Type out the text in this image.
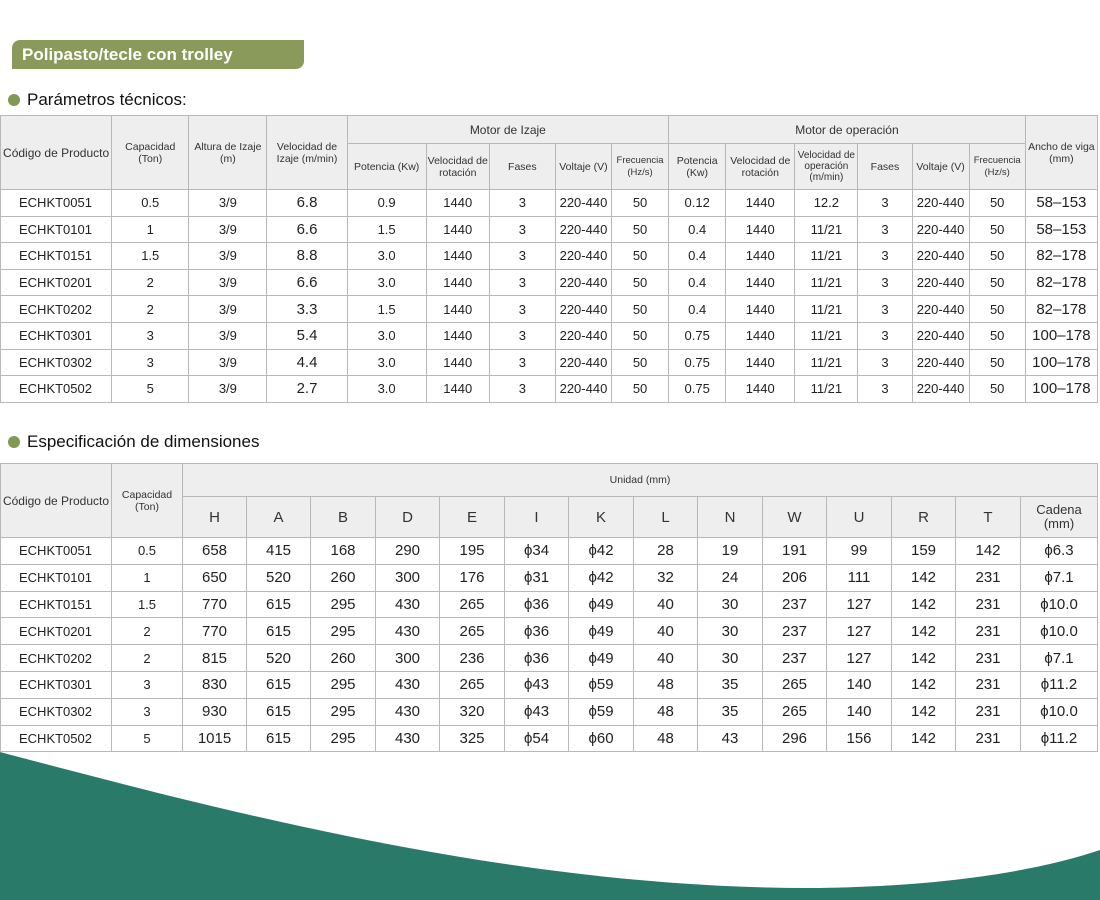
Polipasto/tecle con trolley eléctrico
Parámetros técnicos:
Código de Producto	Capacidad (Ton)	Altura de Izaje (m)	Velocidad de Izaje (m/min)	Motor de Izaje					Motor de operación						Ancho de viga (mm)
				Potencia (Kw)	Velocidad de rotación	Fases	Voltaje (V)	Frecuencia (Hz/s)	Potencia (Kw)	Velocidad de rotación	Velocidad de operación (m/min)	Fases	Voltaje (V)	Frecuencia (Hz/s)	
ECHKT0051	0.5	3/9	6.8	0.9	1440	3	220-440	50	0.12	1440	12.2	3	220-440	50	58–153
ECHKT0101	1	3/9	6.6	1.5	1440	3	220-440	50	0.4	1440	11/21	3	220-440	50	58–153
ECHKT0151	1.5	3/9	8.8	3.0	1440	3	220-440	50	0.4	1440	11/21	3	220-440	50	82–178
ECHKT0201	2	3/9	6.6	3.0	1440	3	220-440	50	0.4	1440	11/21	3	220-440	50	82–178
ECHKT0202	2	3/9	3.3	1.5	1440	3	220-440	50	0.4	1440	11/21	3	220-440	50	82–178
ECHKT0301	3	3/9	5.4	3.0	1440	3	220-440	50	0.75	1440	11/21	3	220-440	50	100–178
ECHKT0302	3	3/9	4.4	3.0	1440	3	220-440	50	0.75	1440	11/21	3	220-440	50	100–178
ECHKT0502	5	3/9	2.7	3.0	1440	3	220-440	50	0.75	1440	11/21	3	220-440	50	100–178
Especificación de dimensiones
Código de Producto	Capacidad (Ton)	Unidad (mm)													
		H	A	B	D	E	I	K	L	N	W	U	R	T	Cadena (mm)
ECHKT0051	0.5	658	415	168	290	195	ϕ34	ϕ42	28	19	191	99	159	142	ϕ6.3
ECHKT0101	1	650	520	260	300	176	ϕ31	ϕ42	32	24	206	111	142	231	ϕ7.1
ECHKT0151	1.5	770	615	295	430	265	ϕ36	ϕ49	40	30	237	127	142	231	ϕ10.0
ECHKT0201	2	770	615	295	430	265	ϕ36	ϕ49	40	30	237	127	142	231	ϕ10.0
ECHKT0202	2	815	520	260	300	236	ϕ36	ϕ49	40	30	237	127	142	231	ϕ7.1
ECHKT0301	3	830	615	295	430	265	ϕ43	ϕ59	48	35	265	140	142	231	ϕ11.2
ECHKT0302	3	930	615	295	430	320	ϕ43	ϕ59	48	35	265	140	142	231	ϕ10.0
ECHKT0502	5	1015	615	295	430	325	ϕ54	ϕ60	48	43	296	156	142	231	ϕ11.2
